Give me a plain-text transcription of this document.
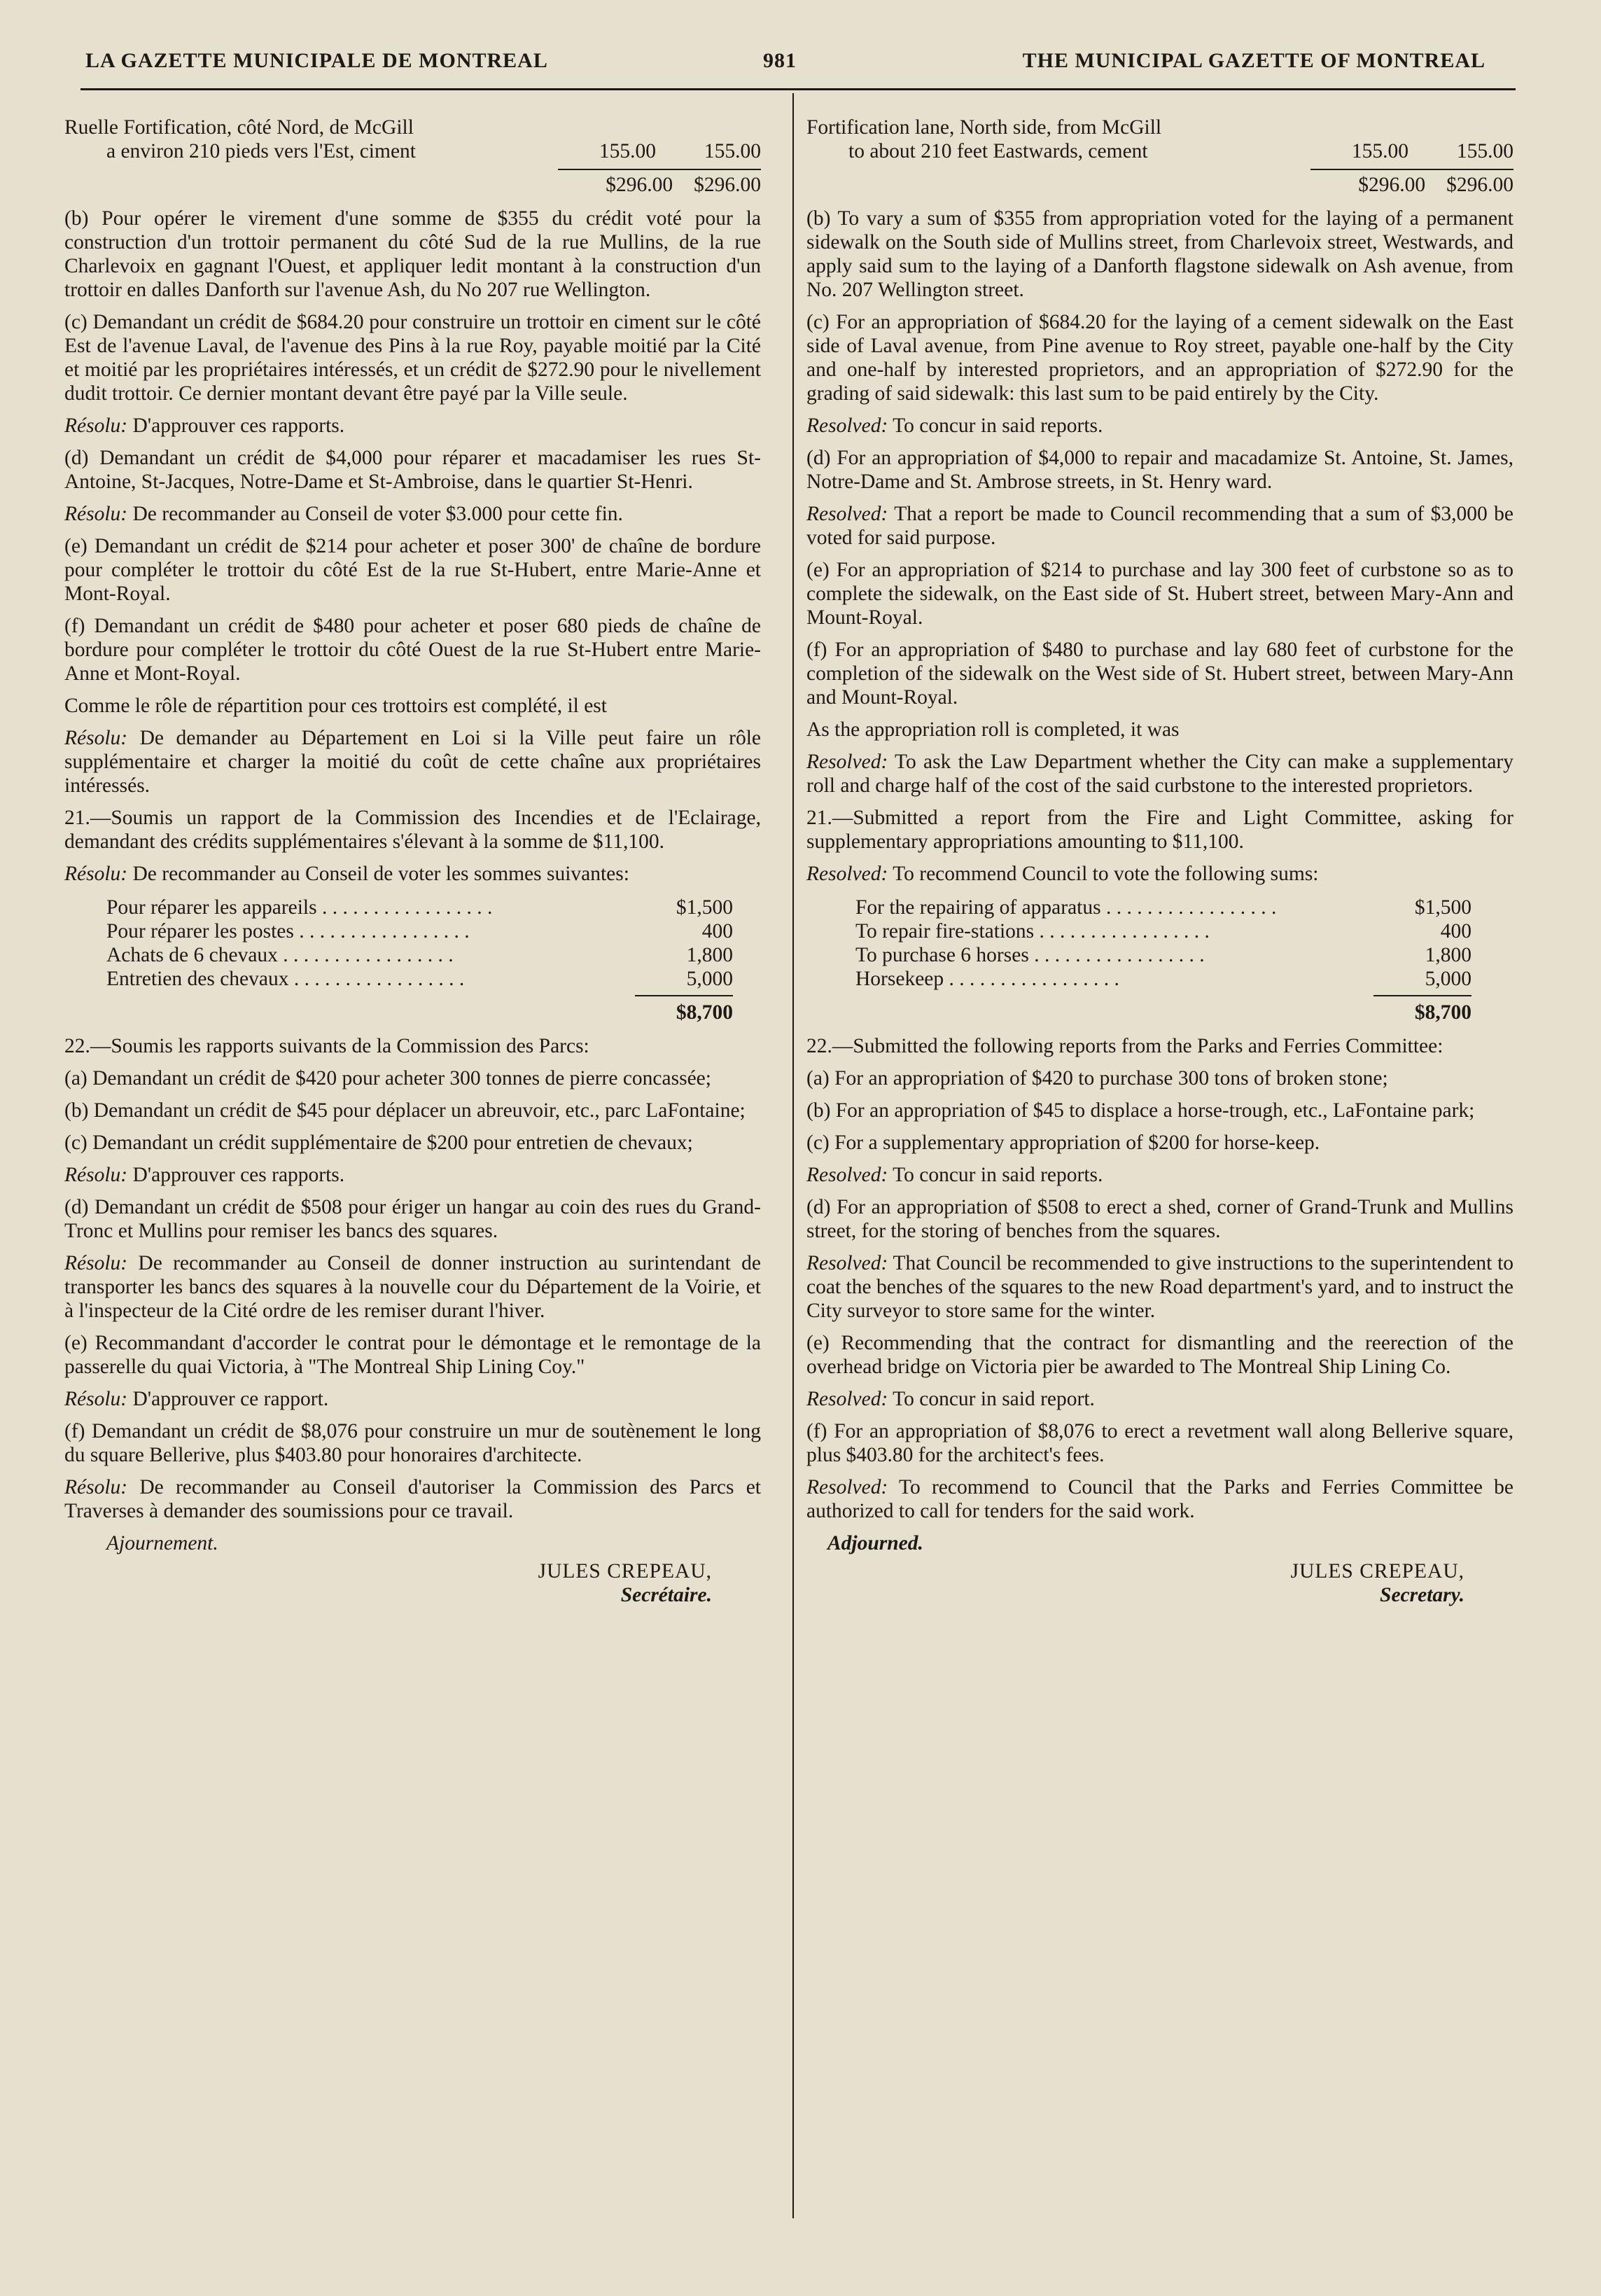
LA GAZETTE MUNICIPALE DE MONTREAL	981	THE MUNICIPAL GAZETTE OF MONTREAL
Ruelle Fortification, côté Nord, de McGill
a environ 210 pieds vers l'Est, ciment	155.00	155.00
$296.00 $296.00

(b) Pour opérer le virement d'une somme de $355 du crédit voté pour la construction d'un trottoir permanent du côté Sud de la rue Mullins, de la rue Charlevoix en gagnant l'Ouest, et appliquer ledit montant à la construction d'un trottoir en dalles Danforth sur l'avenue Ash, du No 207 rue Wellington.

(c) Demandant un crédit de $684.20 pour construire un trottoir en ciment sur le côté Est de l'avenue Laval, de l'avenue des Pins à la rue Roy, payable moitié par la Cité et moitié par les propriétaires intéressés, et un crédit de $272.90 pour le nivellement dudit trottoir. Ce dernier montant devant être payé par la Ville seule.

Résolu: D'approuver ces rapports.

(d) Demandant un crédit de $4,000 pour réparer et macadamiser les rues St-Antoine, St-Jacques, Notre-Dame et St-Ambroise, dans le quartier St-Henri.

Résolu: De recommander au Conseil de voter $3.000 pour cette fin.

(e) Demandant un crédit de $214 pour acheter et poser 300' de chaîne de bordure pour compléter le trottoir du côté Est de la rue St-Hubert, entre Marie-Anne et Mont-Royal.

(f) Demandant un crédit de $480 pour acheter et poser 680 pieds de chaîne de bordure pour compléter le trottoir du côté Ouest de la rue St-Hubert entre Marie-Anne et Mont-Royal.

Comme le rôle de répartition pour ces trottoirs est complété, il est

Résolu: De demander au Département en Loi si la Ville peut faire un rôle supplémentaire et charger la moitié du coût de cette chaîne aux propriétaires intéressés.

21.—Soumis un rapport de la Commission des Incendies et de l'Eclairage, demandant des crédits supplémentaires s'élevant à la somme de $11,100.

Résolu: De recommander au Conseil de voter les sommes suivantes:

Pour réparer les appareils . . . . . . . . . . . . . . . . .	$1,500
Pour réparer les postes . . . . . . . . . . . . . . . . .	400
Achats de 6 chevaux . . . . . . . . . . . . . . . . .	1,800
Entretien des chevaux . . . . . . . . . . . . . . . . .	5,000
$8,700

22.—Soumis les rapports suivants de la Commission des Parcs:

(a) Demandant un crédit de $420 pour acheter 300 tonnes de pierre concassée;

(b) Demandant un crédit de $45 pour déplacer un abreuvoir, etc., parc LaFontaine;

(c) Demandant un crédit supplémentaire de $200 pour entretien de chevaux;

Résolu: D'approuver ces rapports.

(d) Demandant un crédit de $508 pour ériger un hangar au coin des rues du Grand-Tronc et Mullins pour remiser les bancs des squares.

Résolu: De recommander au Conseil de donner instruction au surintendant de transporter les bancs des squares à la nouvelle cour du Département de la Voirie, et à l'inspecteur de la Cité ordre de les remiser durant l'hiver.

(e) Recommandant d'accorder le contrat pour le démontage et le remontage de la passerelle du quai Victoria, à "The Montreal Ship Lining Coy."

Résolu: D'approuver ce rapport.

(f) Demandant un crédit de $8,076 pour construire un mur de soutènement le long du square Bellerive, plus $403.80 pour honoraires d'architecte.

Résolu: De recommander au Conseil d'autoriser la Commission des Parcs et Traverses à demander des soumissions pour ce travail.

Ajournement.
JULES CREPEAU,
Secrétaire.
Fortification lane, North side, from McGill
to about 210 feet Eastwards, cement	155.00	155.00
$296.00 $296.00

(b) To vary a sum of $355 from appropriation voted for the laying of a permanent sidewalk on the South side of Mullins street, from Charlevoix street, Westwards, and apply said sum to the laying of a Danforth flagstone sidewalk on Ash avenue, from No. 207 Wellington street.

(c) For an appropriation of $684.20 for the laying of a cement sidewalk on the East side of Laval avenue, from Pine avenue to Roy street, payable one-half by the City and one-half by interested proprietors, and an appropriation of $272.90 for the grading of said sidewalk: this last sum to be paid entirely by the City.

Resolved: To concur in said reports.

(d) For an appropriation of $4,000 to repair and macadamize St. Antoine, St. James, Notre-Dame and St. Ambrose streets, in St. Henry ward.

Resolved: That a report be made to Council recommending that a sum of $3,000 be voted for said purpose.

(e) For an appropriation of $214 to purchase and lay 300 feet of curbstone so as to complete the sidewalk, on the East side of St. Hubert street, between Mary-Ann and Mount-Royal.

(f) For an appropriation of $480 to purchase and lay 680 feet of curbstone for the completion of the sidewalk on the West side of St. Hubert street, between Mary-Ann and Mount-Royal.

As the appropriation roll is completed, it was

Resolved: To ask the Law Department whether the City can make a supplementary roll and charge half of the cost of the said curbstone to the interested proprietors.

21.—Submitted a report from the Fire and Light Committee, asking for supplementary appropriations amounting to $11,100.

Resolved: To recommend Council to vote the following sums:

For the repairing of apparatus . . . . . . . . . . . . . . . . .	$1,500
To repair fire-stations . . . . . . . . . . . . . . . . .	400
To purchase 6 horses . . . . . . . . . . . . . . . . .	1,800
Horsekeep . . . . . . . . . . . . . . . . .	5,000
$8,700

22.—Submitted the following reports from the Parks and Ferries Committee:

(a) For an appropriation of $420 to purchase 300 tons of broken stone;

(b) For an appropriation of $45 to displace a horse-trough, etc., LaFontaine park;

(c) For a supplementary appropriation of $200 for horse-keep.

Resolved: To concur in said reports.

(d) For an appropriation of $508 to erect a shed, corner of Grand-Trunk and Mullins street, for the storing of benches from the squares.

Resolved: That Council be recommended to give instructions to the superintendent to coat the benches of the squares to the new Road department's yard, and to instruct the City surveyor to store same for the winter.

(e) Recommending that the contract for dismantling and the reerection of the overhead bridge on Victoria pier be awarded to The Montreal Ship Lining Co.

Resolved: To concur in said report.

(f) For an appropriation of $8,076 to erect a revetment wall along Bellerive square, plus $403.80 for the architect's fees.

Resolved: To recommend to Council that the Parks and Ferries Committee be authorized to call for tenders for the said work.

Adjourned.
JULES CREPEAU,
Secretary.
